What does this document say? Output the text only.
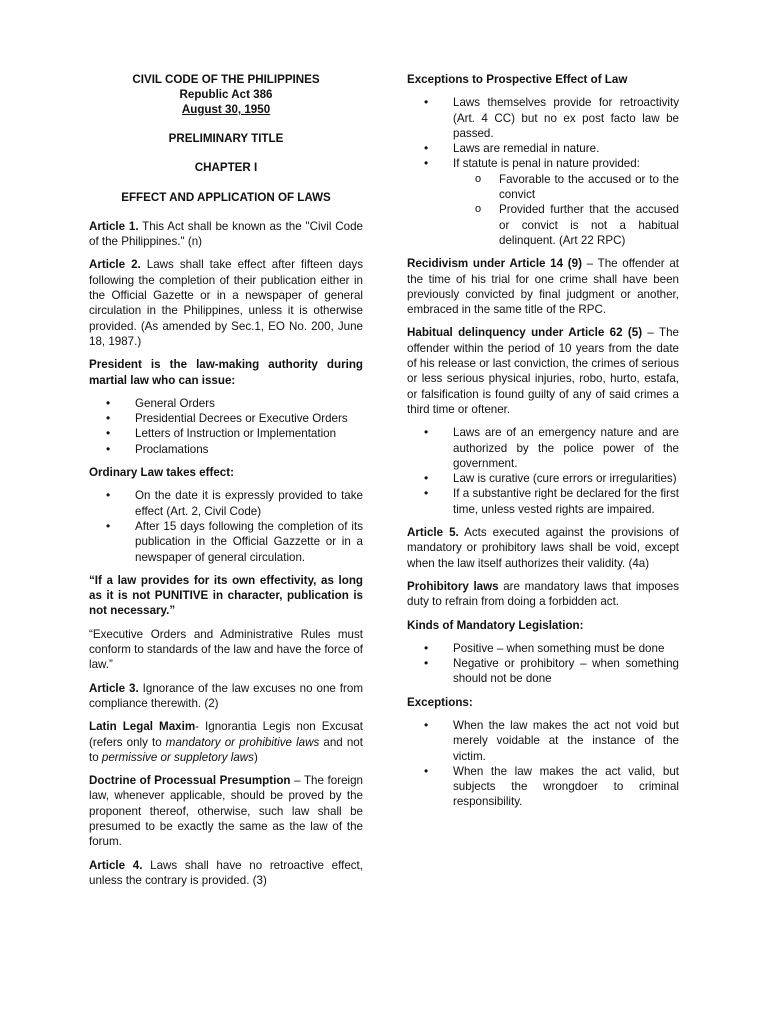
CIVIL CODE OF THE PHILIPPINES
Republic Act 386
August 30, 1950
PRELIMINARY TITLE
CHAPTER I
EFFECT AND APPLICATION OF LAWS

Article 1. This Act shall be known as the "Civil Code of the Philippines." (n)

Article 2. Laws shall take effect after fifteen days following the completion of their publication either in the Official Gazette or in a newspaper of general circulation in the Philippines, unless it is otherwise provided. (As amended by Sec.1, EO No. 200, June 18, 1987.)

President is the law-making authority during martial law who can issue:

• General Orders
• Presidential Decrees or Executive Orders
• Letters of Instruction or Implementation
• Proclamations

Ordinary Law takes effect:

• On the date it is expressly provided to take effect (Art. 2, Civil Code)
• After 15 days following the completion of its publication in the Official Gazzette or in a newspaper of general circulation.

“If a law provides for its own effectivity, as long as it is not PUNITIVE in character, publication is not necessary.”

“Executive Orders and Administrative Rules must conform to standards of the law and have the force of law.”

Article 3. Ignorance of the law excuses no one from compliance therewith. (2)

Latin Legal Maxim- Ignorantia Legis non Excusat (refers only to mandatory or prohibitive laws and not to permissive or suppletory laws)

Doctrine of Processual Presumption – The foreign law, whenever applicable, should be proved by the proponent thereof, otherwise, such law shall be presumed to be exactly the same as the law of the forum.

Article 4. Laws shall have no retroactive effect, unless the contrary is provided. (3)

Exceptions to Prospective Effect of Law

• Laws themselves provide for retroactivity (Art. 4 CC) but no ex post facto law be passed.
• Laws are remedial in nature.
• If statute is penal in nature provided:
o Favorable to the accused or to the convict
o Provided further that the accused or convict is not a habitual delinquent. (Art 22 RPC)

Recidivism under Article 14 (9) – The offender at the time of his trial for one crime shall have been previously convicted by final judgment or another, embraced in the same title of the RPC.

Habitual delinquency under Article 62 (5) – The offender within the period of 10 years from the date of his release or last conviction, the crimes of serious or less serious physical injuries, robo, hurto, estafa, or falsification is found guilty of any of said crimes a third time or oftener.

• Laws are of an emergency nature and are authorized by the police power of the government.
• Law is curative (cure errors or irregularities)
• If a substantive right be declared for the first time, unless vested rights are impaired.

Article 5. Acts executed against the provisions of mandatory or prohibitory laws shall be void, except when the law itself authorizes their validity. (4a)

Prohibitory laws are mandatory laws that imposes duty to refrain from doing a forbidden act.

Kinds of Mandatory Legislation:

• Positive – when something must be done
• Negative or prohibitory – when something should not be done

Exceptions:

• When the law makes the act not void but merely voidable at the instance of the victim.
• When the law makes the act valid, but subjects the wrongdoer to criminal responsibility.
